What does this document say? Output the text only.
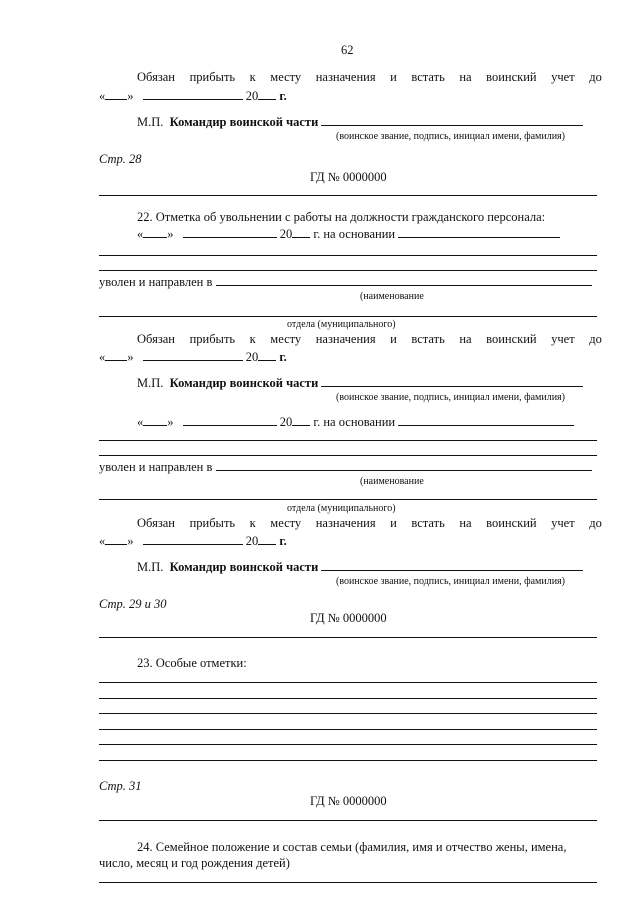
62
Обязан прибыть к месту назначения и встать на воинский учет до
« »	20 г.
М.П. Командир воинской части
(воинское звание, подпись, инициал имени, фамилия)
Стр. 28
ГД № 0000000
22. Отметка об увольнении с работы на должности гражданского персонала:
« »	20 г. на основании
уволен и направлен в
(наименование
отдела (муниципального)
Обязан прибыть к месту назначения и встать на воинский учет до
« »	20 г.
М.П. Командир воинской части
(воинское звание, подпись, инициал имени, фамилия)
« »	20 г. на основании
уволен и направлен в
(наименование
отдела (муниципального)
Обязан прибыть к месту назначения и встать на воинский учет до
« »	20 г.
М.П. Командир воинской части
(воинское звание, подпись, инициал имени, фамилия)
Стр. 29 и 30
ГД № 0000000
23. Особые отметки:
Стр. 31
ГД № 0000000
24. Семейное положение и состав семьи (фамилия, имя и отчество жены, имена,
число, месяц и год рождения детей)
